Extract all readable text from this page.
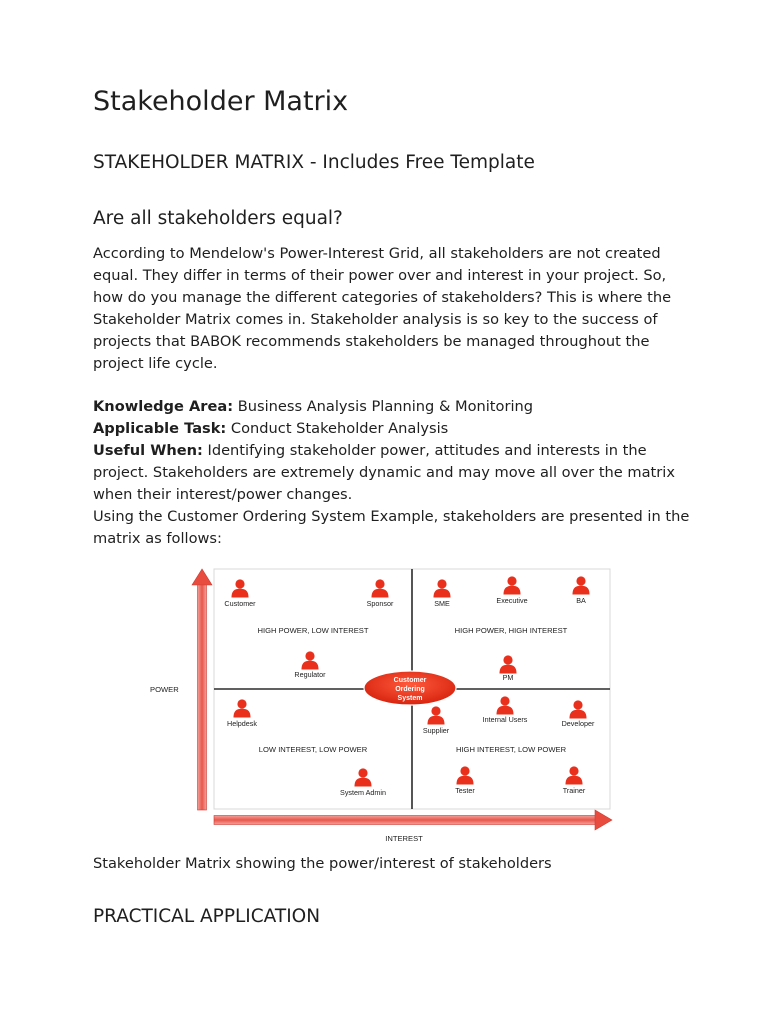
Stakeholder Matrix
STAKEHOLDER MATRIX - Includes Free Template
Are all stakeholders equal?

According to Mendelow's Power-Interest Grid, all stakeholders are not created equal. They differ in terms of their power over and interest in your project. So, how do you manage the different categories of stakeholders? This is where the Stakeholder Matrix comes in. Stakeholder analysis is so key to the success of projects that BABOK recommends stakeholders be managed throughout the project life cycle.

Knowledge Area: Business Analysis Planning & Monitoring
Applicable Task: Conduct Stakeholder Analysis
Useful When: Identifying stakeholder power, attitudes and interests in the project. Stakeholders are extremely dynamic and may move all over the matrix when their interest/power changes.
Using the Customer Ordering System Example, stakeholders are presented in the matrix as follows:

Stakeholder Matrix showing the power/interest of stakeholders

PRACTICAL APPLICATION
POWER
INTEREST
HIGH POWER, LOW INTEREST	HIGH POWER, HIGH INTEREST
LOW INTEREST, LOW POWER	HIGH INTEREST, LOW POWER
Customer	Sponsor	SME	Executive	BA
Regulator	PM
Helpdesk
Supplier
Internal Users	Developer
System Admin	Tester	Trainer
Customer
Ordering
System
